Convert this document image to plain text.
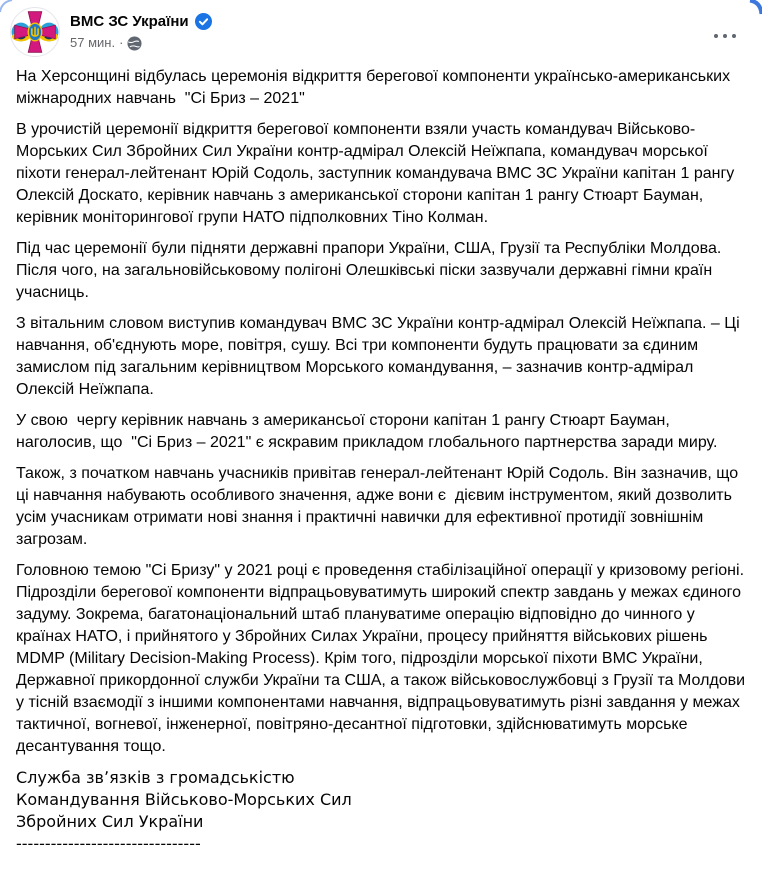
ВМС ЗС України
57 мин. ·

На Херсонщині відбулась церемонія відкриття берегової компоненти українсько-американських міжнародних навчань  "Сі Бриз – 2021"

В урочистій церемонії відкриття берегової компоненти взяли участь командувач Військово-Морських Сил Збройних Сил України контр-адмірал Олексій Неїжпапа, командувач морської піхоти генерал-лейтенант Юрій Содоль, заступник командувача ВМС ЗС України капітан 1 рангу Олексій Доскато, керівник навчань з американської сторони капітан 1 рангу Стюарт Бауман, керівник моніторингової групи НАТО підполковних Тіно Колман.

Під час церемонії були підняти державні прапори України, США, Грузії та Республіки Молдова. Після чого, на загальновійськовому полігоні Олешківські піски зазвучали державні гімни країн учасниць.

З вітальним словом виступив командувач ВМС ЗС України контр-адмірал Олексій Неїжпапа. – Ці навчання, об'єднують море, повітря, сушу. Всі три компоненти будуть працювати за єдиним замислом під загальним керівництвом Морського командування, – зазначив контр-адмірал Олексій Неїжпапа.

У свою  чергу керівник навчань з американсьої сторони капітан 1 рангу Стюарт Бауман, наголосив, що  "Сі Бриз – 2021" є яскравим прикладом глобального партнерства заради миру.

Також, з початком навчань учасників привітав генерал-лейтенант Юрій Содоль. Він зазначив, що ці навчання набувають особливого значення, адже вони є  дієвим інструментом, який дозволить усім учасникам отримати нові знання і практичні навички для ефективної протидії зовнішнім загрозам.

Головною темою "Сі Бризу" у 2021 році є проведення стабілізаційної операції у кризовому регіоні. Підрозділи берегової компоненти відпрацьовуватимуть широкий спектр завдань у межах єдиного задуму. Зокрема, багатонаціональний штаб плануватиме операцію відповідно до чинного у країнах НАТО, і прийнятого у Збройних Силах України, процесу прийняття військових рішень MDMP (Military Decision-Making Process). Крім того, підрозділи морської піхоти ВМС України, Державної прикордонної служби України та США, а також військовослужбовці з Грузії та Молдови у тісній взаємодії з іншими компонентами навчання, відпрацьовуватимуть різні завдання у межах тактичної, вогневої, інженерної, повітряно-десантної підготовки, здійснюватимуть морське десантування тощо.

Служба звʼязків з громадськістю
Командування Військово-Морських Сил
Збройних Сил України
--------------------------------
